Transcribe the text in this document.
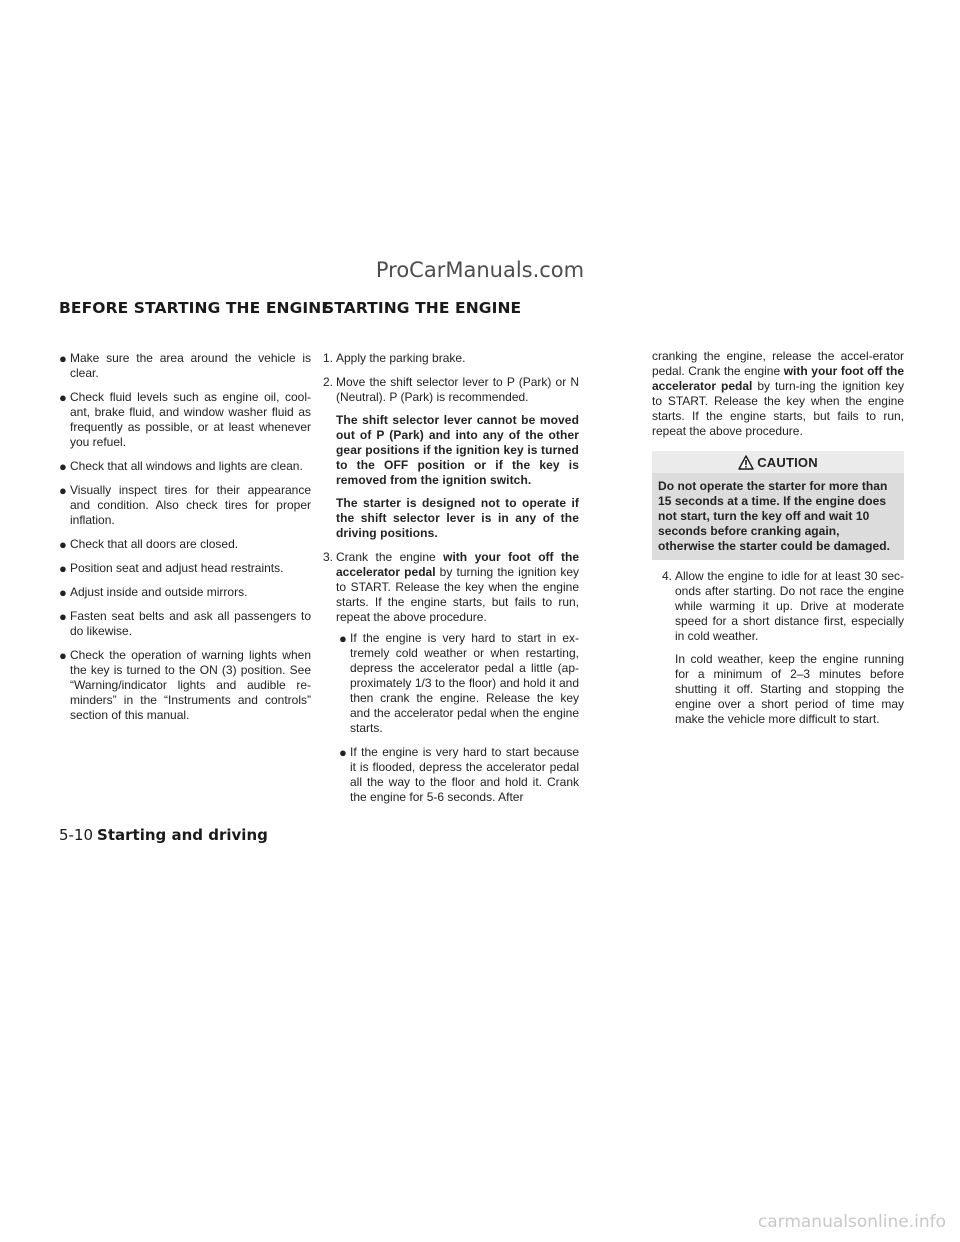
ProCarManuals.com
BEFORE STARTING THE ENGINE
STARTING THE ENGINE
● Make sure the area around the vehicle is clear.
● Check fluid levels such as engine oil, cool-ant, brake fluid, and window washer fluid as frequently as possible, or at least whenever you refuel.
● Check that all windows and lights are clean.
● Visually inspect tires for their appearance and condition. Also check tires for proper inflation.
● Check that all doors are closed.
● Position seat and adjust head restraints.
● Adjust inside and outside mirrors.
● Fasten seat belts and ask all passengers to do likewise.
● Check the operation of warning lights when the key is turned to the ON (3) position. See “Warning/indicator lights and audible re-minders” in the “Instruments and controls” section of this manual.
1. Apply the parking brake.
2. Move the shift selector lever to P (Park) or N (Neutral). P (Park) is recommended.
The shift selector lever cannot be moved out of P (Park) and into any of the other gear positions if the ignition key is turned to the OFF position or if the key is removed from the ignition switch.
The starter is designed not to operate if the shift selector lever is in any of the driving positions.
3. Crank the engine with your foot off the accelerator pedal by turning the ignition key to START. Release the key when the engine starts. If the engine starts, but fails to run, repeat the above procedure.
● If the engine is very hard to start in ex-tremely cold weather or when restarting, depress the accelerator pedal a little (ap-proximately 1/3 to the floor) and hold it and then crank the engine. Release the key and the accelerator pedal when the engine starts.
● If the engine is very hard to start because it is flooded, depress the accelerator pedal all the way to the floor and hold it. Crank the engine for 5-6 seconds. After
cranking the engine, release the accel-erator pedal. Crank the engine with your foot off the accelerator pedal by turn-ing the ignition key to START. Release the key when the engine starts. If the engine starts, but fails to run, repeat the above procedure.
CAUTION
Do not operate the starter for more than 15 seconds at a time. If the engine does not start, turn the key off and wait 10 seconds before cranking again, otherwise the starter could be damaged.
4. Allow the engine to idle for at least 30 sec-onds after starting. Do not race the engine while warming it up. Drive at moderate speed for a short distance first, especially in cold weather.

In cold weather, keep the engine running for a minimum of 2–3 minutes before shutting it off. Starting and stopping the engine over a short period of time may make the vehicle more difficult to start.

5-10 Starting and driving
carmanualsonline.info
